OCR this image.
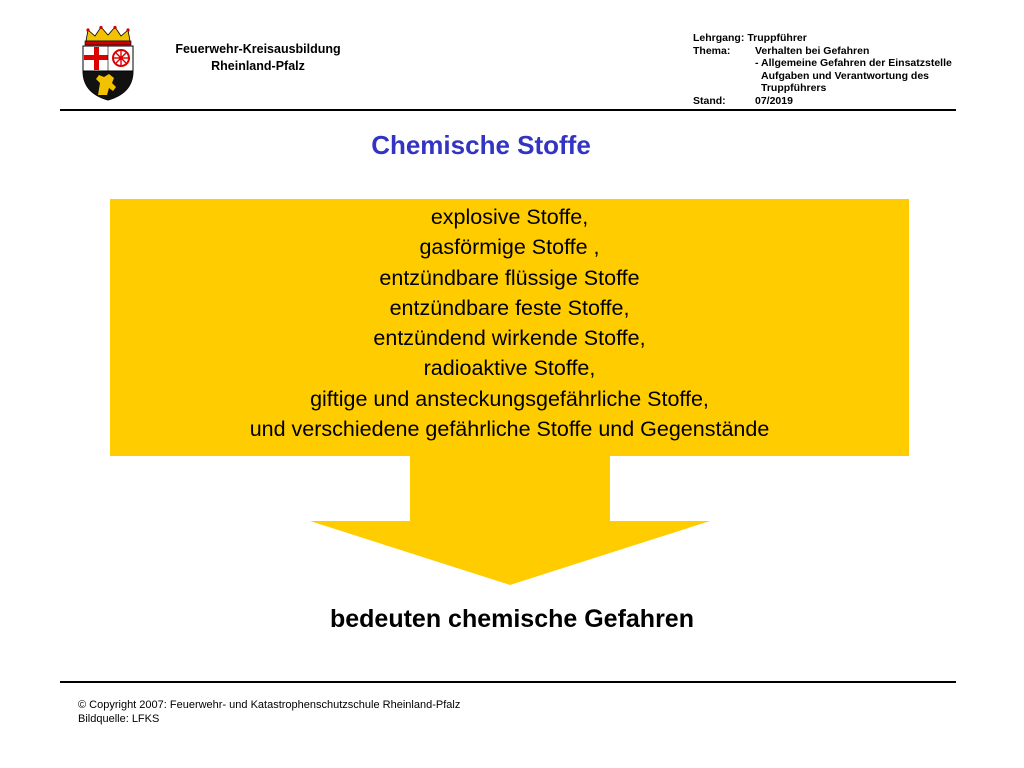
Feuerwehr-Kreisausbildung
Rheinland-Pfalz
Lehrgang: Truppführer
Thema:	Verhalten bei Gefahren
- Allgemeine Gefahren der Einsatzstelle
Aufgaben und Verantwortung des
Truppführers
Stand:	07/2019
Chemische Stoffe
explosive Stoffe,
gasförmige Stoffe ,
entzündbare flüssige Stoffe
entzündbare feste Stoffe,
entzündend wirkende Stoffe,
radioaktive Stoffe,
giftige und ansteckungsgefährliche Stoffe,
und verschiedene gefährliche Stoffe und Gegenstände
bedeuten chemische Gefahren
© Copyright 2007: Feuerwehr- und Katastrophenschutzschule Rheinland-Pfalz
Bildquelle: LFKS
